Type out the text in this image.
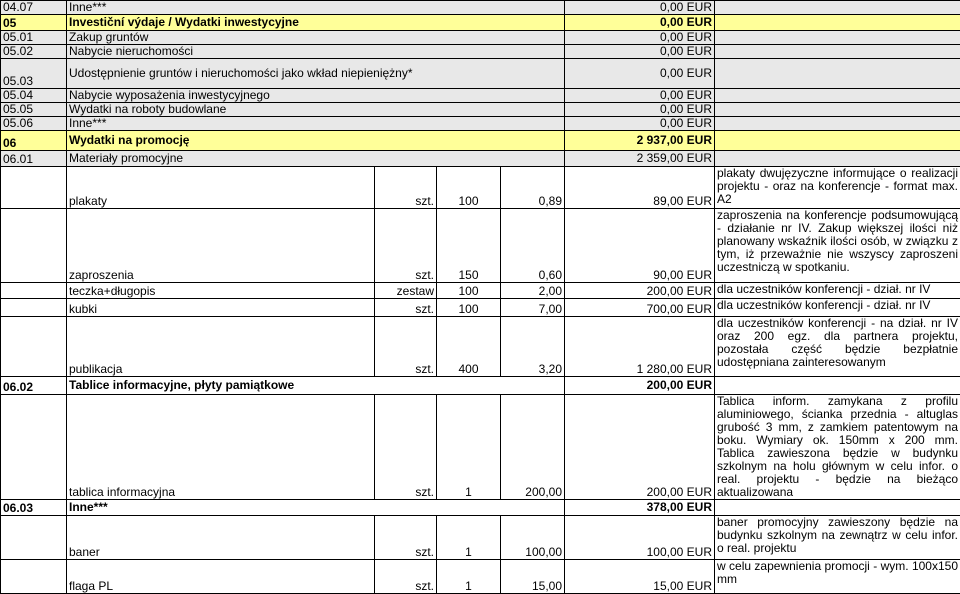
04.07	Inne***				0,00 EUR	
05	Investiční výdaje / Wydatki inwestycyjne				0,00 EUR	
05.01	Zakup gruntów				0,00 EUR	
05.02	Nabycie nieruchomości				0,00 EUR	
05.03	Udostępnienie gruntów i nieruchomości jako wkład niepieniężny*				0,00 EUR	
05.04	Nabycie wyposażenia inwestycyjnego				0,00 EUR	
05.05	Wydatki na roboty budowlane				0,00 EUR	
05.06	Inne***				0,00 EUR	
06	Wydatki na promocję				2 937,00 EUR	
06.01	Materiały promocyjne				2 359,00 EUR	
	plakaty	szt.	100	0,89	89,00 EUR	plakaty dwujęzyczne informujące o realizacji projektu - oraz na konferencje - format max. A2
	zaproszenia	szt.	150	0,60	90,00 EUR	zaproszenia na konferencje podsumowującą - działanie nr IV. Zakup większej ilości niż planowany wskaźnik ilości osób, w związku z tym, iż przeważnie nie wszyscy zaproszeni uczestniczą w spotkaniu.
	teczka+długopis	zestaw	100	2,00	200,00 EUR	dla uczestników konferencji - dział. nr IV
	kubki	szt.	100	7,00	700,00 EUR	dla uczestników konferencji - dział. nr IV
	publikacja	szt.	400	3,20	1 280,00 EUR	dla uczestników konferencji - na dział. nr IV oraz 200 egz. dla partnera projektu, pozostała część będzie bezpłatnie udostępniana zainteresowanym
06.02	Tablice informacyjne, płyty pamiątkowe				200,00 EUR	
	tablica informacyjna	szt.	1	200,00	200,00 EUR	Tablica inform. zamykana z profilu aluminiowego, ścianka przednia - altuglas grubość 3 mm, z zamkiem patentowym na boku. Wymiary ok. 150mm x 200 mm. Tablica zawieszona będzie w budynku szkolnym na holu głównym w celu infor. o real. projektu - będzie na bieżąco aktualizowana
06.03	Inne***				378,00 EUR	
	baner	szt.	1	100,00	100,00 EUR	baner promocyjny zawieszony będzie na budynku szkolnym na zewnątrz w celu infor. o real. projektu
	flaga PL	szt.	1	15,00	15,00 EUR	w celu zapewnienia promocji - wym. 100x150 mm
